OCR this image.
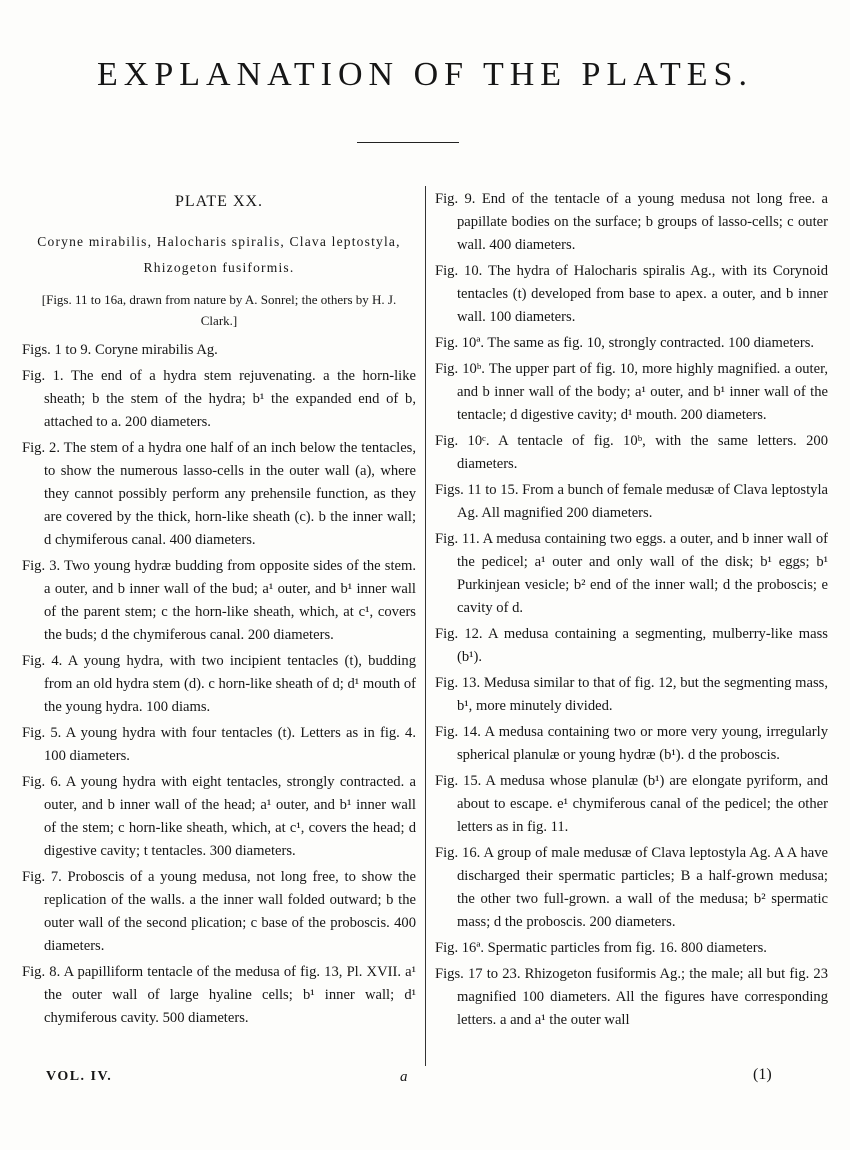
EXPLANATION OF THE PLATES.
PLATE XX.
Coryne mirabilis, Halocharis spiralis, Clava leptostyla, Rhizogeton fusiformis.
[Figs. 11 to 16a, drawn from nature by A. Sonrel; the others by H. J. Clark.]
Figs. 1 to 9. Coryne mirabilis Ag.
Fig. 1. The end of a hydra stem rejuvenating. a the horn-like sheath; b the stem of the hydra; b¹ the expanded end of b, attached to a. 200 diameters.
Fig. 2. The stem of a hydra one half of an inch below the tentacles, to show the numerous lasso-cells in the outer wall (a), where they cannot possibly perform any prehensile function, as they are covered by the thick, horn-like sheath (c). b the inner wall; d chymiferous canal. 400 diameters.
Fig. 3. Two young hydræ budding from opposite sides of the stem. a outer, and b inner wall of the bud; a¹ outer, and b¹ inner wall of the parent stem; c the horn-like sheath, which, at c¹, covers the buds; d the chymiferous canal. 200 diameters.
Fig. 4. A young hydra, with two incipient tentacles (t), budding from an old hydra stem (d). c horn-like sheath of d; d¹ mouth of the young hydra. 100 diams.
Fig. 5. A young hydra with four tentacles (t). Letters as in fig. 4. 100 diameters.
Fig. 6. A young hydra with eight tentacles, strongly contracted. a outer, and b inner wall of the head; a¹ outer, and b¹ inner wall of the stem; c horn-like sheath, which, at c¹, covers the head; d digestive cavity; t tentacles. 300 diameters.
Fig. 7. Proboscis of a young medusa, not long free, to show the replication of the walls. a the inner wall folded outward; b the outer wall of the second plication; c base of the proboscis. 400 diameters.
Fig. 8. A papilliform tentacle of the medusa of fig. 13, Pl. XVII. a¹ the outer wall of large hyaline cells; b¹ inner wall; d¹ chymiferous cavity. 500 diameters.
Fig. 9. End of the tentacle of a young medusa not long free. a papillate bodies on the surface; b groups of lasso-cells; c outer wall. 400 diameters.
Fig. 10. The hydra of Halocharis spiralis Ag., with its Corynoid tentacles (t) developed from base to apex. a outer, and b inner wall. 100 diameters.
Fig. 10ª. The same as fig. 10, strongly contracted. 100 diameters.
Fig. 10ᵇ. The upper part of fig. 10, more highly magnified. a outer, and b inner wall of the body; a¹ outer, and b¹ inner wall of the tentacle; d digestive cavity; d¹ mouth. 200 diameters.
Fig. 10ᶜ. A tentacle of fig. 10ᵇ, with the same letters. 200 diameters.
Figs. 11 to 15. From a bunch of female medusæ of Clava leptostyla Ag. All magnified 200 diameters.
Fig. 11. A medusa containing two eggs. a outer, and b inner wall of the pedicel; a¹ outer and only wall of the disk; b¹ eggs; b¹ Purkinjean vesicle; b² end of the inner wall; d the proboscis; e cavity of d.
Fig. 12. A medusa containing a segmenting, mulberry-like mass (b¹).
Fig. 13. Medusa similar to that of fig. 12, but the segmenting mass, b¹, more minutely divided.
Fig. 14. A medusa containing two or more very young, irregularly spherical planulæ or young hydræ (b¹). d the proboscis.
Fig. 15. A medusa whose planulæ (b¹) are elongate pyriform, and about to escape. e¹ chymiferous canal of the pedicel; the other letters as in fig. 11.
Fig. 16. A group of male medusæ of Clava leptostyla Ag. A A have discharged their spermatic particles; B a half-grown medusa; the other two full-grown. a wall of the medusa; b² spermatic mass; d the proboscis. 200 diameters.
Fig. 16ª. Spermatic particles from fig. 16. 800 diameters.
Figs. 17 to 23. Rhizogeton fusiformis Ag.; the male; all but fig. 23 magnified 100 diameters. All the figures have corresponding letters. a and a¹ the outer wall
VOL. IV.	a	(1)
